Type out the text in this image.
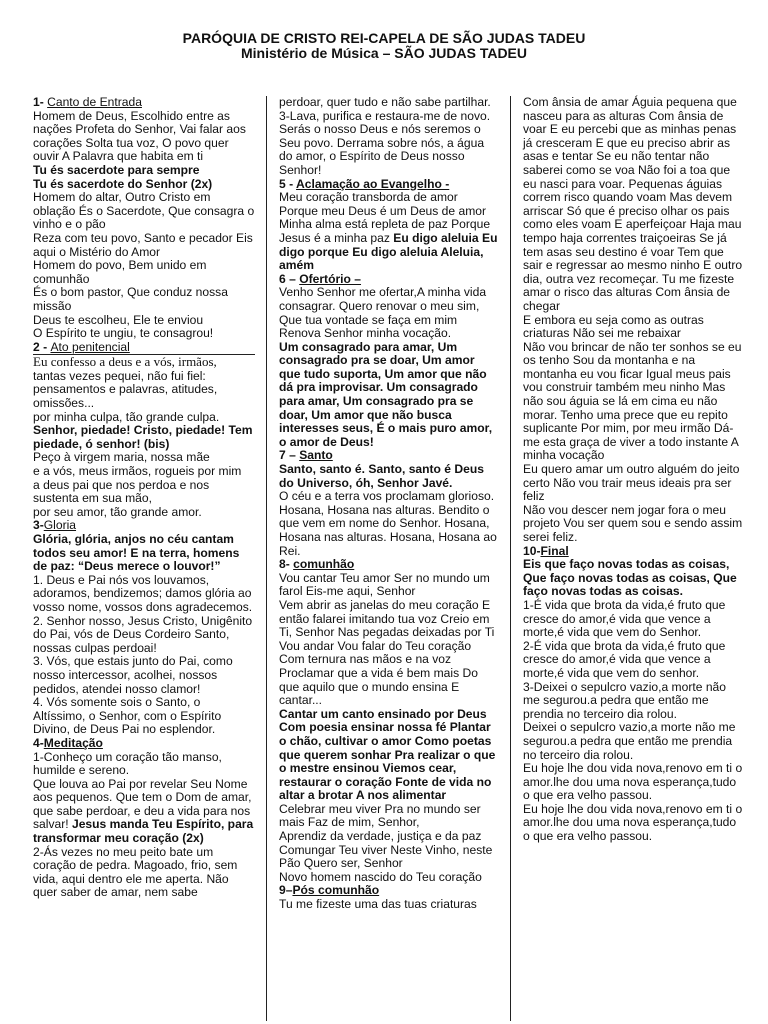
PARÓQUIA DE CRISTO REI-CAPELA DE SÃO JUDAS TADEU
Ministério de Música – SÃO JUDAS TADEU

1- Canto de Entrada

Homem de Deus, Escolhido entre as nações Profeta do Senhor, Vai falar aos corações Solta tua voz, O povo quer ouvir A Palavra que habita em ti

Tu és sacerdote para sempre

Tu és sacerdote do Senhor (2x)

Homem do altar, Outro Cristo em oblação És o Sacerdote, Que consagra o vinho e o pão

Reza com teu povo, Santo e pecador Eis aqui o Mistério do Amor

Homem do povo, Bem unido em comunhão

És o bom pastor, Que conduz nossa missão

Deus te escolheu, Ele te enviou

O Espírito te ungiu, te consagrou!

2 - Ato penitencial

Eu confesso a deus e a vós, irmãos,

tantas vezes pequei, não fui fiel: pensamentos e palavras, atitudes, omissões...

por minha culpa, tão grande culpa.

Senhor, piedade! Cristo, piedade! Tem piedade, ó senhor! (bis)

Peço à virgem maria, nossa mãe

e a vós, meus irmãos, rogueis por mim

a deus pai que nos perdoa e nos sustenta em sua mão,

por seu amor, tão grande amor.

3-Gloria

Glória, glória, anjos no céu cantam todos seu amor! E na terra, homens de paz: “Deus merece o louvor!”

1. Deus e Pai nós vos louvamos, adoramos, bendizemos; damos glória ao vosso nome, vossos dons agradecemos.

2. Senhor nosso, Jesus Cristo, Unigênito do Pai, vós de Deus Cordeiro Santo, nossas culpas perdoai!

3. Vós, que estais junto do Pai, como nosso intercessor, acolhei, nossos pedidos, atendei nosso clamor!

4. Vós somente sois o Santo, o Altíssimo, o Senhor, com o Espírito Divino, de Deus Pai no esplendor.

4-Meditação

1-Conheço um coração tão manso, humilde e sereno.

Que louva ao Pai por revelar Seu Nome aos pequenos. Que tem o Dom de amar, que sabe perdoar, e deu a vida para nos salvar! Jesus manda Teu Espírito, para transformar meu coração (2x)

2-Ás vezes no meu peito bate um coração de pedra. Magoado, frio, sem vida, aqui dentro ele me aperta. Não quer saber de amar, nem sabe

perdoar, quer tudo e não sabe partilhar.

3-Lava, purifica e restaura-me de novo. Serás o nosso Deus e nós seremos o Seu povo. Derrama sobre nós, a água do amor, o Espírito de Deus nosso Senhor!

5 - Aclamação ao Evangelho -

Meu coração transborda de amor Porque meu Deus é um Deus de amor Minha alma está repleta de paz Porque Jesus é a minha paz Eu digo aleluia Eu digo porque Eu digo aleluia Aleluia, amém

6 – Ofertório –

Venho Senhor me ofertar,A minha vida consagrar. Quero renovar o meu sim, Que tua vontade se faça em mim Renova Senhor minha vocação.

Um consagrado para amar, Um consagrado pra se doar, Um amor que tudo suporta, Um amor que não dá pra improvisar. Um consagrado para amar, Um consagrado pra se doar, Um amor que não busca interesses seus, É o mais puro amor, o amor de Deus!

7 – Santo

Santo, santo é. Santo, santo é Deus do Universo, óh, Senhor Javé.

O céu e a terra vos proclamam glorioso. Hosana, Hosana nas alturas. Bendito o que vem em nome do Senhor. Hosana, Hosana nas alturas. Hosana, Hosana ao Rei.

8- comunhão

Vou cantar Teu amor Ser no mundo um farol Eis-me aqui, Senhor

Vem abrir as janelas do meu coração E então falarei imitando tua voz Creio em Ti, Senhor Nas pegadas deixadas por Ti Vou andar Vou falar do Teu coração Com ternura nas mãos e na voz Proclamar que a vida é bem mais Do que aquilo que o mundo ensina E cantar...

Cantar um canto ensinado por Deus Com poesia ensinar nossa fé Plantar o chão, cultivar o amor Como poetas que querem sonhar Pra realizar o que o mestre ensinou Viemos cear, restaurar o coração Fonte de vida no altar a brotar A nos alimentar

Celebrar meu viver Pra no mundo ser mais Faz de mim, Senhor,

Aprendiz da verdade, justiça e da paz Comungar Teu viver Neste Vinho, neste Pão Quero ser, Senhor

Novo homem nascido do Teu coração

9–Pós comunhão

Tu me fizeste uma das tuas criaturas

Com ânsia de amar Águia pequena que nasceu para as alturas Com ânsia de voar E eu percebi que as minhas penas já cresceram E que eu preciso abrir as asas e tentar Se eu não tentar não saberei como se voa Não foi a toa que eu nasci para voar. Pequenas águias correm risco quando voam Mas devem arriscar Só que é preciso olhar os pais como eles voam E aperfeiçoar Haja mau tempo haja correntes traiçoeiras Se já tem asas seu destino é voar Tem que sair e regressar ao mesmo ninho E outro dia, outra vez recomeçar. Tu me fizeste amar o risco das alturas Com ânsia de chegar

E embora eu seja como as outras criaturas Não sei me rebaixar

Não vou brincar de não ter sonhos se eu os tenho Sou da montanha e na montanha eu vou ficar Igual meus pais vou construir também meu ninho Mas não sou águia se lá em cima eu não morar. Tenho uma prece que eu repito suplicante Por mim, por meu irmão Dá-me esta graça de viver a todo instante A minha vocação

Eu quero amar um outro alguém do jeito certo Não vou trair meus ideais pra ser feliz

Não vou descer nem jogar fora o meu projeto Vou ser quem sou e sendo assim serei feliz.

10-Final

Eis que faço novas todas as coisas, Que faço novas todas as coisas, Que faço novas todas as coisas.

1-É vida que brota da vida,é fruto que cresce do amor,é vida que vence a morte,é vida que vem do Senhor.

2-É vida que brota da vida,é fruto que cresce do amor,é vida que vence a morte,é vida que vem do senhor.

3-Deixei o sepulcro vazio,a morte não me segurou.a pedra que então me prendia no terceiro dia rolou.

Deixei o sepulcro vazio,a morte não me segurou.a pedra que então me prendia no terceiro dia rolou.

Eu hoje lhe dou vida nova,renovo em ti o amor.lhe dou uma nova esperança,tudo o que era velho passou.

Eu hoje lhe dou vida nova,renovo em ti o amor.lhe dou uma nova esperança,tudo o que era velho passou.
